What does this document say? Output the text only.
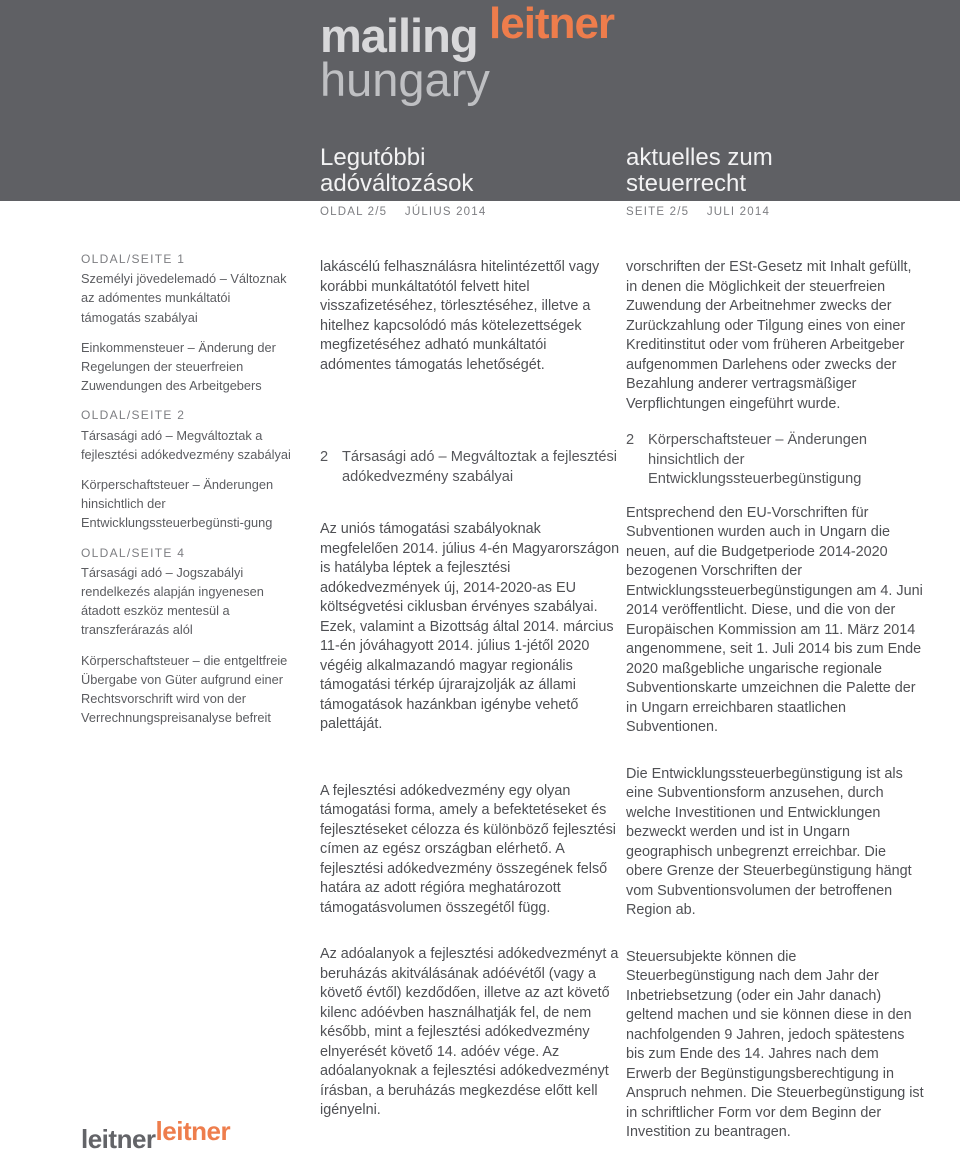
mailing leitner
hungary
Legutóbbi
adóváltozások
aktuelles zum
steuerrecht
OLDAL 2/5 JÚLIUS 2014	SEITE 2/5 JULI 2014
OLDAL/SEITE 1
Személyi jövedelemadó – Változnak az adómentes munkáltatói támogatás szabályai
Einkommensteuer – Änderung der Regelungen der steuerfreien Zuwendungen des Arbeitgebers
OLDAL/SEITE 2
Társasági adó – Megváltoztak a fejlesztési adókedvezmény szabályai
Körperschaftsteuer – Änderungen hinsichtlich der Entwicklungssteuerbegünsti-gung
OLDAL/SEITE 4
Társasági adó – Jogszabályi rendelkezés alapján ingyenesen átadott eszköz mentesül a transzferárazás alól
Körperschaftsteuer – die entgeltfreie Übergabe von Güter aufgrund einer Rechtsvorschrift wird von der Verrechnungspreisanalyse befreit

lakáscélú felhasználásra hitelintézettől vagy korábbi munkáltatótól felvett hitel visszafizetéséhez, törlesztéséhez, illetve a hitelhez kapcsolódó más kötelezettségek megfizetéséhez adható munkáltatói adómentes támogatás lehetőségét.

2 Társasági adó – Megváltoztak a fejlesztési adókedvezmény szabályai

Az uniós támogatási szabályoknak megfelelően 2014. július 4-én Magyarországon is hatályba léptek a fejlesztési adókedvezmények új, 2014-2020-as EU költségvetési ciklusban érvényes szabályai. Ezek, valamint a Bizottság által 2014. március 11-én jóváhagyott 2014. július 1-jétől 2020 végéig alkalmazandó magyar regionális támogatási térkép újrarajzolják az állami támogatások hazánkban igénybe vehető palettáját.

A fejlesztési adókedvezmény egy olyan támogatási forma, amely a befektetéseket és fejlesztéseket célozza és különböző fejlesztési címen az egész országban elérhető. A fejlesztési adókedvezmény összegének felső határa az adott régióra meghatározott támogatásvolumen összegétől függ.

Az adóalanyok a fejlesztési adókedvezményt a beruházás akitválásának adóévétől (vagy a követő évtől) kezdődően, illetve az azt követő kilenc adóévben használhatják fel, de nem később, mint a fejlesztési adókedvezmény elnyerését követő 14. adóév vége. Az adóalanyoknak a fejlesztési adókedvezményt írásban, a beruházás megkezdése előtt kell igényelni.

vorschriften der ESt-Gesetz mit Inhalt gefüllt, in denen die Möglichkeit der steuerfreien Zuwendung der Arbeitnehmer zwecks der Zurückzahlung oder Tilgung eines von einer Kreditinstitut oder vom früheren Arbeitgeber aufgenommen Darlehens oder zwecks der Bezahlung anderer vertragsmäßiger Verpflichtungen eingeführt wurde.

2 Körperschaftsteuer – Änderungen hinsichtlich der Entwicklungssteuerbegünstigung

Entsprechend den EU-Vorschriften für Subventionen wurden auch in Ungarn die neuen, auf die Budgetperiode 2014-2020 bezogenen Vorschriften der Entwicklungssteuerbegünstigungen am 4. Juni 2014 veröffentlicht. Diese, und die von der Europäischen Kommission am 11. März 2014 angenommene, seit 1. Juli 2014 bis zum Ende 2020 maßgebliche ungarische regionale Subventionskarte umzeichnen die Palette der in Ungarn erreichbaren staatlichen Subventionen.

Die Entwicklungssteuerbegünstigung ist als eine Subventionsform anzusehen, durch welche Investitionen und Entwicklungen bezweckt werden und ist in Ungarn geographisch unbegrenzt erreichbar. Die obere Grenze der Steuerbegünstigung hängt vom Subventionsvolumen der betroffenen Region ab.

Steuersubjekte können die Steuerbegünstigung nach dem Jahr der Inbetriebsetzung (oder ein Jahr danach) geltend machen und sie können diese in den nachfolgenden 9 Jahren, jedoch spätestens bis zum Ende des 14. Jahres nach dem Erwerb der Begünstigungsberechtigung in Anspruch nehmen. Die Steuerbegünstigung ist in schriftlicher Form vor dem Beginn der Investition zu beantragen.

leitnerleitner
